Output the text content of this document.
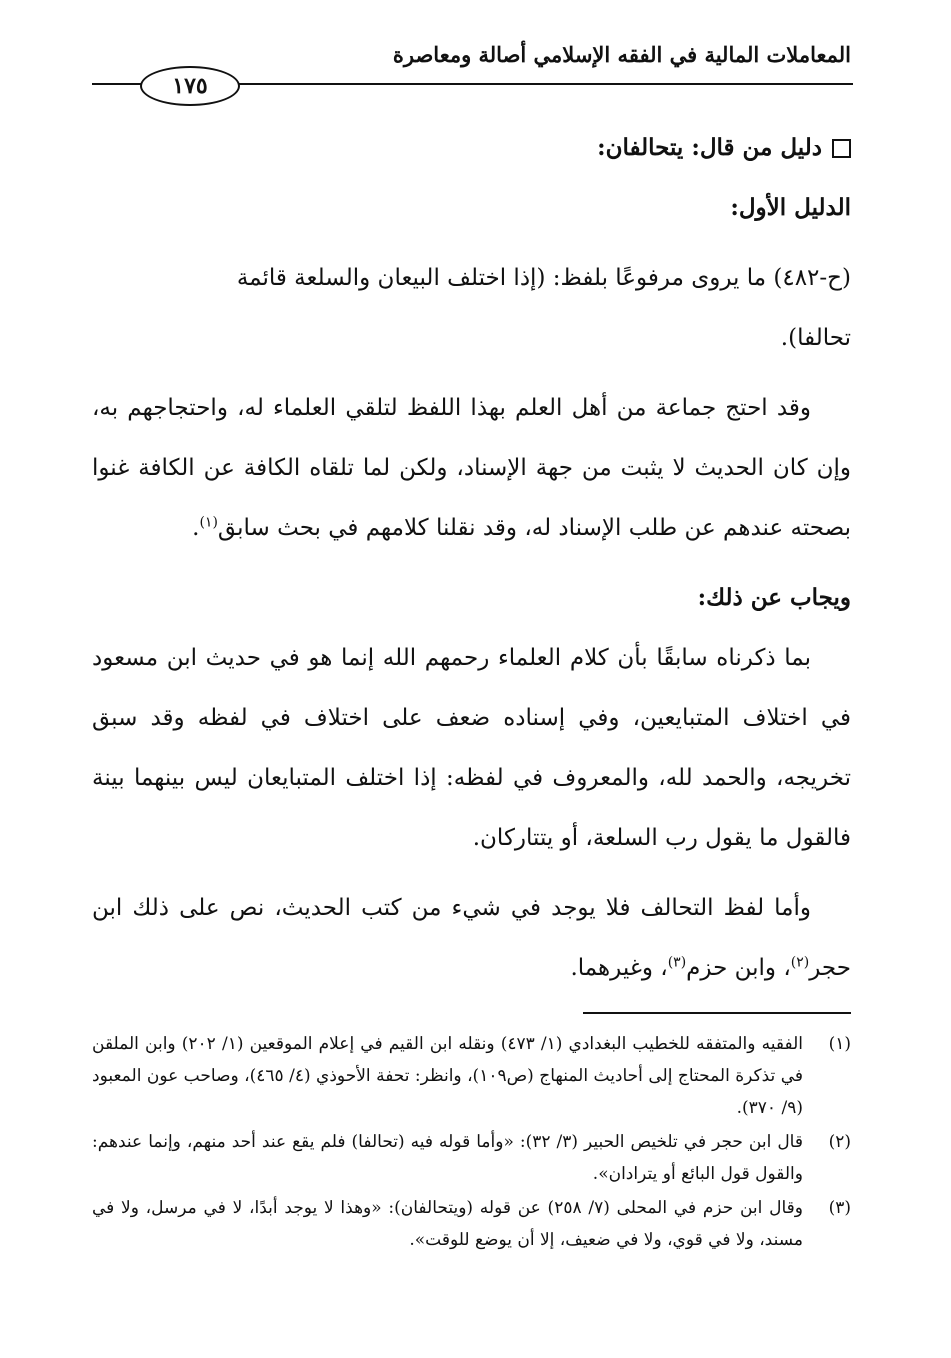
المعاملات المالية في الفقه الإسلامي أصالة ومعاصرة
١٧٥

دليل من قال: يتحالفان:

الدليل الأول:

(ح-٤٨٢) ما يروى مرفوعًا بلفظ: (إذا اختلف البيعان والسلعة قائمة
تحالفا).

وقد احتج جماعة من أهل العلم بهذا اللفظ لتلقي العلماء له، واحتجاجهم به، وإن كان الحديث لا يثبت من جهة الإسناد، ولكن لما تلقاه الكافة عن الكافة غنوا بصحته عندهم عن طلب الإسناد له، وقد نقلنا كلامهم في بحث سابق$^{(١)}$.

ويجاب عن ذلك:

بما ذكرناه سابقًا بأن كلام العلماء رحمهم الله إنما هو في حديث ابن مسعود في اختلاف المتبايعين، وفي إسناده ضعف على اختلاف في لفظه وقد سبق تخريجه، والحمد لله، والمعروف في لفظه: إذا اختلف المتبايعان ليس بينهما بينة فالقول ما يقول رب السلعة، أو يتتاركان.

وأما لفظ التحالف فلا يوجد في شيء من كتب الحديث، نص على ذلك ابن حجر$^{(٢)}$، وابن حزم$^{(٣)}$، وغيرهما.

(١)
الفقيه والمتفقه للخطيب البغدادي (١/ ٤٧٣) ونقله ابن القيم في إعلام الموقعين (١/ ٢٠٢) وابن الملقن في تذكرة المحتاج إلى أحاديث المنهاج (ص١٠٩)، وانظر: تحفة الأحوذي (٤/ ٤٦٥)، وصاحب عون المعبود (٩/ ٣٧٠).
(٢)
قال ابن حجر في تلخيص الحبير (٣/ ٣٢): «وأما قوله فيه (تحالفا) فلم يقع عند أحد منهم، وإنما عندهم: والقول قول البائع أو يترادان».
(٣)
وقال ابن حزم في المحلى (٧/ ٢٥٨) عن قوله (ويتحالفان): «وهذا لا يوجد أبدًا، لا في مرسل، ولا في مسند، ولا في قوي، ولا في ضعيف، إلا أن يوضع للوقت».
